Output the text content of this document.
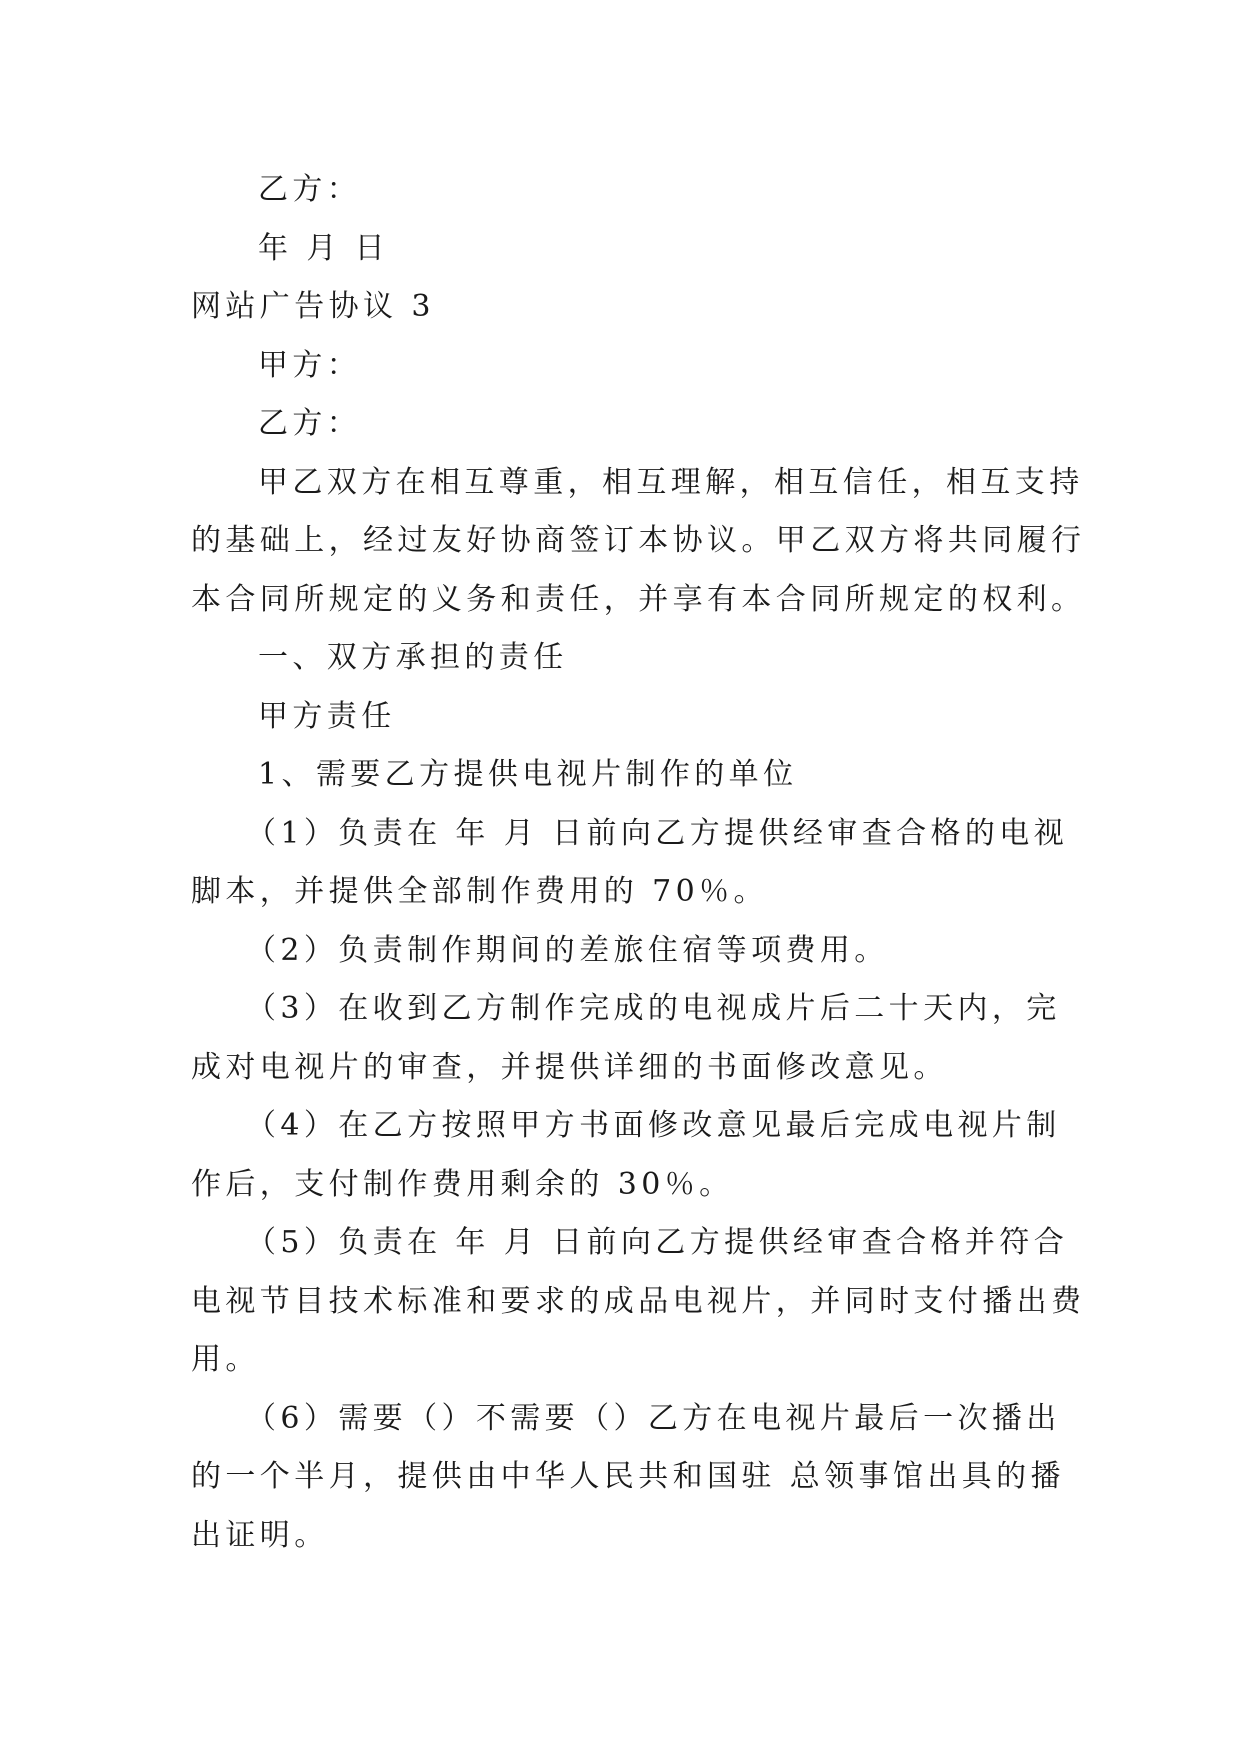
乙方：
年 月 日
网站广告协议 3
甲方：
乙方：
甲乙双方在相互尊重，相互理解，相互信任，相互支持
的基础上，经过友好协商签订本协议。甲乙双方将共同履行
本合同所规定的义务和责任，并享有本合同所规定的权利。
一、双方承担的责任
甲方责任
1、需要乙方提供电视片制作的单位
（1）负责在 年 月 日前向乙方提供经审查合格的电视
脚本，并提供全部制作费用的 70％。
（2）负责制作期间的差旅住宿等项费用。
（3）在收到乙方制作完成的电视成片后二十天内，完
成对电视片的审查，并提供详细的书面修改意见。
（4）在乙方按照甲方书面修改意见最后完成电视片制
作后，支付制作费用剩余的 30％。
（5）负责在 年 月 日前向乙方提供经审查合格并符合
电视节目技术标准和要求的成品电视片，并同时支付播出费
用。
（6）需要（）不需要（）乙方在电视片最后一次播出
的一个半月，提供由中华人民共和国驻 总领事馆出具的播
出证明。
